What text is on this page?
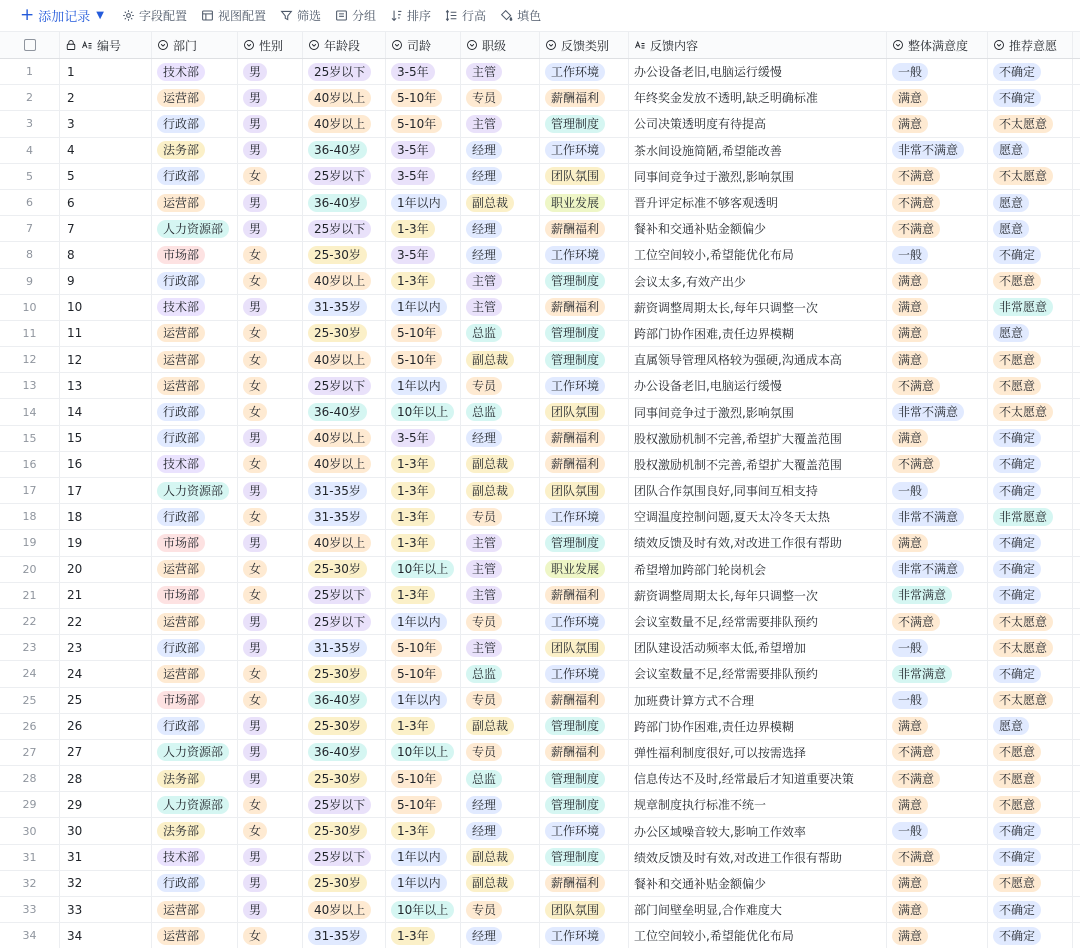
+ 添加记录 ▼	字段配置	视图配置	筛选	分组	排序	行高	填色
编号	部门	性别	年龄段	司龄	职级	反馈类别	反馈内容	整体满意度	推荐意愿
1	1	技术部	男	25岁以下	3-5年	主管	工作环境	办公设备老旧,电脑运行缓慢	一般	不确定
2	2	运营部	男	40岁以上	5-10年	专员	薪酬福利	年终奖金发放不透明,缺乏明确标准	满意	不确定
3	3	行政部	男	40岁以上	5-10年	主管	管理制度	公司决策透明度有待提高	满意	不太愿意
4	4	法务部	男	36-40岁	3-5年	经理	工作环境	茶水间设施简陋,希望能改善	非常不满意	愿意
5	5	行政部	女	25岁以下	3-5年	经理	团队氛围	同事间竞争过于激烈,影响氛围	不满意	不太愿意
6	6	运营部	男	36-40岁	1年以内	副总裁	职业发展	晋升评定标准不够客观透明	不满意	愿意
7	7	人力资源部	男	25岁以下	1-3年	经理	薪酬福利	餐补和交通补贴金额偏少	不满意	愿意
8	8	市场部	女	25-30岁	3-5年	经理	工作环境	工位空间较小,希望能优化布局	一般	不确定
9	9	行政部	女	40岁以上	1-3年	主管	管理制度	会议太多,有效产出少	满意	不愿意
10	10	技术部	男	31-35岁	1年以内	主管	薪酬福利	薪资调整周期太长,每年只调整一次	满意	非常愿意
11	11	运营部	女	25-30岁	5-10年	总监	管理制度	跨部门协作困难,责任边界模糊	满意	愿意
12	12	运营部	女	40岁以上	5-10年	副总裁	管理制度	直属领导管理风格较为强硬,沟通成本高	满意	不愿意
13	13	运营部	女	25岁以下	1年以内	专员	工作环境	办公设备老旧,电脑运行缓慢	不满意	不愿意
14	14	行政部	女	36-40岁	10年以上	总监	团队氛围	同事间竞争过于激烈,影响氛围	非常不满意	不太愿意
15	15	行政部	男	40岁以上	3-5年	经理	薪酬福利	股权激励机制不完善,希望扩大覆盖范围	满意	不确定
16	16	技术部	女	40岁以上	1-3年	副总裁	薪酬福利	股权激励机制不完善,希望扩大覆盖范围	不满意	不确定
17	17	人力资源部	男	31-35岁	1-3年	副总裁	团队氛围	团队合作氛围良好,同事间互相支持	一般	不确定
18	18	行政部	女	31-35岁	1-3年	专员	工作环境	空调温度控制问题,夏天太冷冬天太热	非常不满意	非常愿意
19	19	市场部	男	40岁以上	1-3年	主管	管理制度	绩效反馈及时有效,对改进工作很有帮助	满意	不确定
20	20	运营部	女	25-30岁	10年以上	主管	职业发展	希望增加跨部门轮岗机会	非常不满意	不确定
21	21	市场部	女	25岁以下	1-3年	主管	薪酬福利	薪资调整周期太长,每年只调整一次	非常满意	不确定
22	22	运营部	男	25岁以下	1年以内	专员	工作环境	会议室数量不足,经常需要排队预约	不满意	不太愿意
23	23	行政部	男	31-35岁	5-10年	主管	团队氛围	团队建设活动频率太低,希望增加	一般	不太愿意
24	24	运营部	女	25-30岁	5-10年	总监	工作环境	会议室数量不足,经常需要排队预约	非常满意	不确定
25	25	市场部	女	36-40岁	1年以内	专员	薪酬福利	加班费计算方式不合理	一般	不太愿意
26	26	行政部	男	25-30岁	1-3年	副总裁	管理制度	跨部门协作困难,责任边界模糊	满意	愿意
27	27	人力资源部	男	36-40岁	10年以上	专员	薪酬福利	弹性福利制度很好,可以按需选择	不满意	不愿意
28	28	法务部	男	25-30岁	5-10年	总监	管理制度	信息传达不及时,经常最后才知道重要决策	不满意	不愿意
29	29	人力资源部	女	25岁以下	5-10年	经理	管理制度	规章制度执行标准不统一	满意	不愿意
30	30	法务部	女	25-30岁	1-3年	经理	工作环境	办公区域噪音较大,影响工作效率	一般	不确定
31	31	技术部	男	25岁以下	1年以内	副总裁	管理制度	绩效反馈及时有效,对改进工作很有帮助	不满意	不确定
32	32	行政部	男	25-30岁	1年以内	副总裁	薪酬福利	餐补和交通补贴金额偏少	满意	不愿意
33	33	运营部	男	40岁以上	10年以上	专员	团队氛围	部门间壁垒明显,合作难度大	满意	不确定
34	34	运营部	女	31-35岁	1-3年	经理	工作环境	工位空间较小,希望能优化布局	满意	不确定
